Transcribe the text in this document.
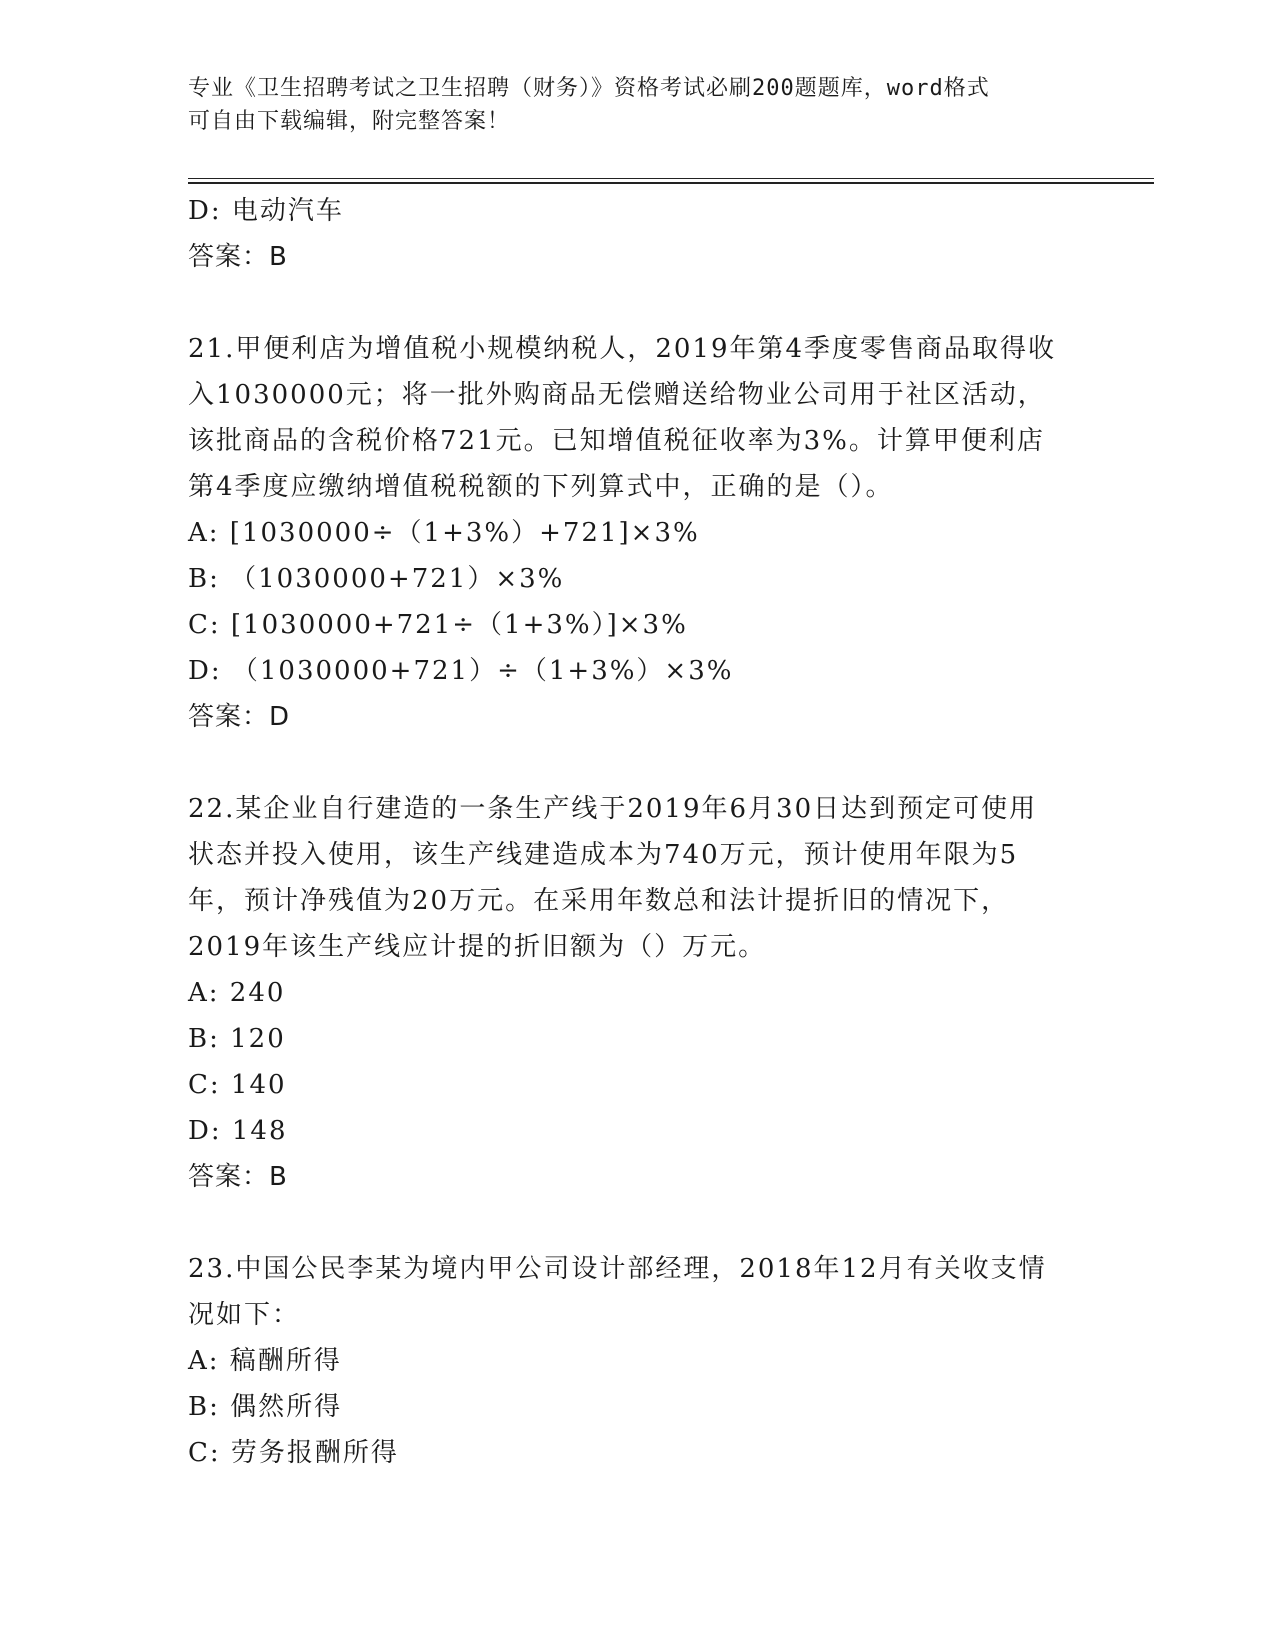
专业《卫生招聘考试之卫生招聘（财务）》资格考试必刷200题题库，word格式
可自由下载编辑，附完整答案！
D: 电动汽车
答案：B
21.甲便利店为增值税小规模纳税人，2019年第4季度零售商品取得收
入1030000元；将一批外购商品无偿赠送给物业公司用于社区活动，
该批商品的含税价格721元。已知增值税征收率为3%。计算甲便利店
第4季度应缴纳增值税税额的下列算式中，正确的是（）。
A: [1030000÷（1+3%）+721]×3%
B: （1030000+721）×3%
C: [1030000+721÷（1+3%）]×3%
D: （1030000+721）÷（1+3%）×3%
答案：D
22.某企业自行建造的一条生产线于2019年6月30日达到预定可使用
状态并投入使用，该生产线建造成本为740万元，预计使用年限为5
年，预计净残值为20万元。在采用年数总和法计提折旧的情况下，
2019年该生产线应计提的折旧额为（）万元。
A: 240
B: 120
C: 140
D: 148
答案：B
23.中国公民李某为境内甲公司设计部经理，2018年12月有关收支情
况如下：
A: 稿酬所得
B: 偶然所得
C: 劳务报酬所得
